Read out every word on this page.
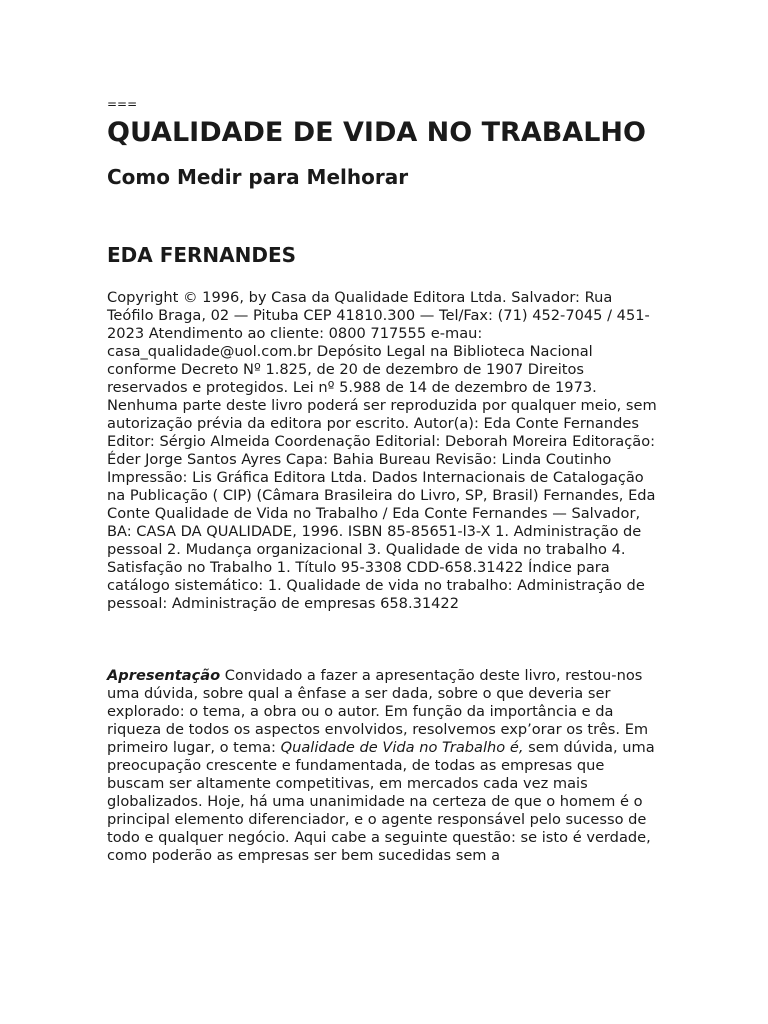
===
QUALIDADE DE VIDA NO TRABALHO
Como Medir para Melhorar
EDA FERNANDES

Copyright © 1996, by Casa da Qualidade Editora Ltda. Salvador: Rua Teófilo Braga, 02 — Pituba CEP 41810.300 — Tel/Fax: (71) 452-7045 / 451-2023 Atendimento ao cliente: 0800 717555 e-mau: casa_qualidade@uol.com.br Depósito Legal na Biblioteca Nacional conforme Decreto Nº 1.825, de 20 de dezembro de 1907 Direitos reservados e protegidos. Lei nº 5.988 de 14 de dezembro de 1973. Nenhuma parte deste livro poderá ser reproduzida por qualquer meio, sem autorização prévia da editora por escrito. Autor(a): Eda Conte Fernandes Editor: Sérgio Almeida Coordenação Editorial: Deborah Moreira Editoração: Éder Jorge Santos Ayres Capa: Bahia Bureau Revisão: Linda Coutinho Impressão: Lis Gráfica Editora Ltda. Dados Internacionais de Catalogação na Publicação ( CIP) (Câmara Brasileira do Livro, SP, Brasil) Fernandes, Eda Conte Qualidade de Vida no Trabalho / Eda Conte Fernandes — Salvador, BA: CASA DA QUALIDADE, 1996. ISBN 85-85651-l3-X 1. Administração de pessoal 2. Mudança organizacional 3. Qualidade de vida no trabalho 4. Satisfação no Trabalho 1. Título 95-3308 CDD-658.31422 Índice para catálogo sistemático: 1. Qualidade de vida no trabalho: Administração de pessoal: Administração de empresas 658.31422

Apresentação Convidado a fazer a apresentação deste livro, restou-nos uma dúvida, sobre qual a ênfase a ser dada, sobre o que deveria ser explorado: o tema, a obra ou o autor. Em função da importância e da riqueza de todos os aspectos envolvidos, resolvemos exp’orar os três. Em primeiro lugar, o tema: Qualidade de Vida no Trabalho é, sem dúvida, uma preocupação crescente e fundamentada, de todas as empresas que buscam ser altamente competitivas, em mercados cada vez mais globalizados. Hoje, há uma unanimidade na certeza de que o homem é o principal elemento diferenciador, e o agente responsável pelo sucesso de todo e qualquer negócio. Aqui cabe a seguinte questão: se isto é verdade, como poderão as empresas ser bem sucedidas sem a
